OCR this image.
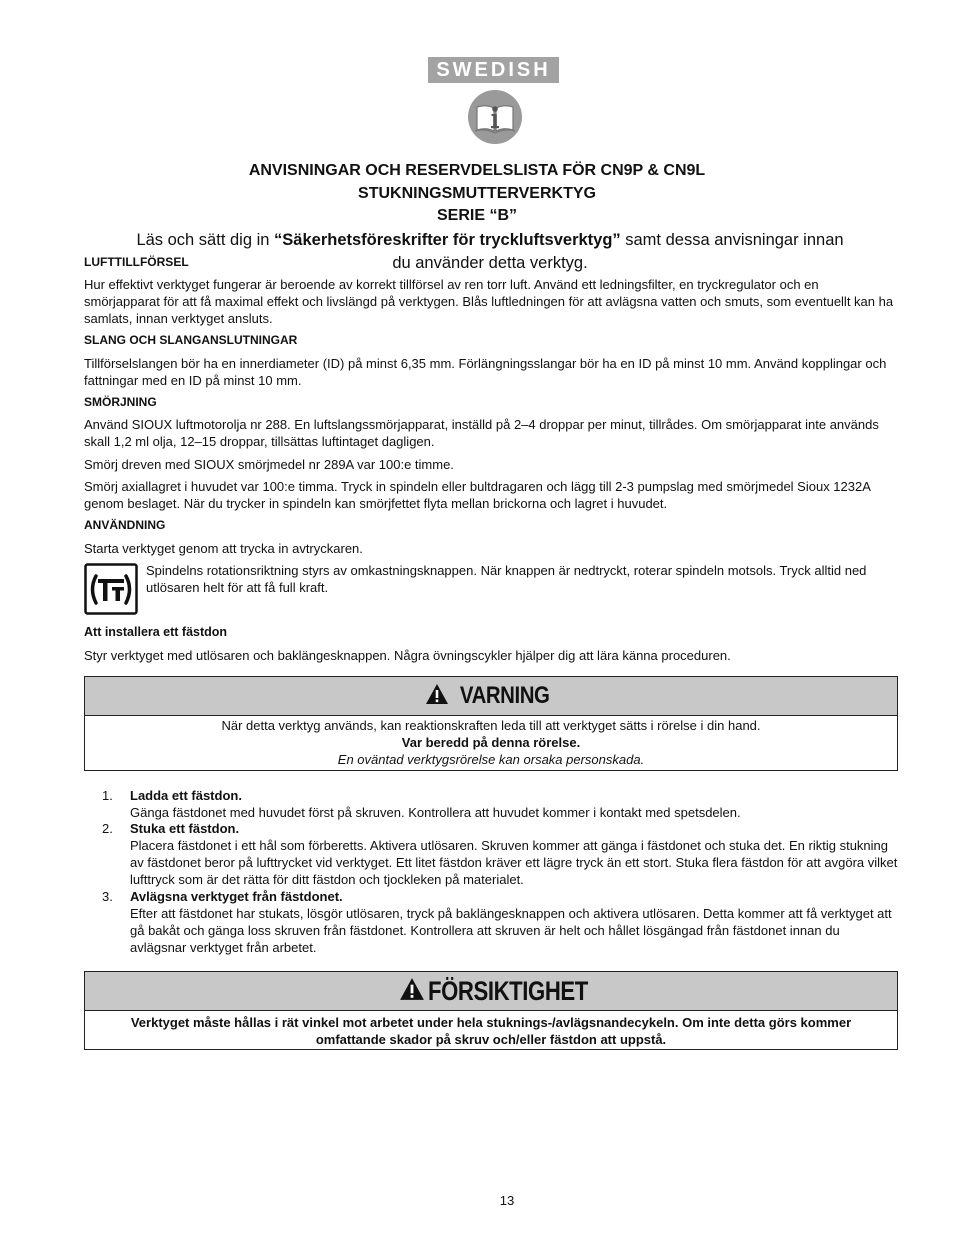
SWEDISH
ANVISNINGAR OCH RESERVDELSLISTA FÖR CN9P & CN9L
STUKNINGSMUTTERVERKTYG
SERIE “B”
Läs och sätt dig in “Säkerhetsföreskrifter för tryckluftsverktyg” samt dessa anvisningar innan
du använder detta verktyg.
LUFTTILLFÖRSEL
Hur effektivt verktyget fungerar är beroende av korrekt tillförsel av ren torr luft. Använd ett ledningsfilter, en tryckregulator och en smörjapparat för att få maximal effekt och livslängd på verktygen. Blås luftledningen för att avlägsna vatten och smuts, som eventuellt kan ha samlats, innan verktyget ansluts.
SLANG OCH SLANGANSLUTNINGAR
Tillförselslangen bör ha en innerdiameter (ID) på minst 6,35 mm. Förlängningsslangar bör ha en ID på minst 10 mm. Använd kopplingar och fattningar med en ID på minst 10 mm.
SMÖRJNING
Använd SIOUX luftmotorolja nr 288. En luftslangssmörjapparat, inställd på 2–4 droppar per minut, tillrådes. Om smörjapparat inte används skall 1,2 ml olja, 12–15 droppar, tillsättas luftintaget dagligen.
Smörj dreven med SIOUX smörjmedel nr 289A var 100:e timme.
Smörj axiallagret i huvudet var 100:e timma. Tryck in spindeln eller bultdragaren och lägg till 2-3 pumpslag med smörjmedel Sioux 1232A genom beslaget. När du trycker in spindeln kan smörjfettet flyta mellan brickorna och lagret i huvudet.
ANVÄNDNING
Starta verktyget genom att trycka in avtryckaren.
Spindelns rotationsriktning styrs av omkastningsknappen. När knappen är nedtryckt, roterar spindeln motsols. Tryck alltid ned utlösaren helt för att få full kraft.
Att installera ett fästdon
Styr verktyget med utlösaren och baklängesknappen. Några övningscykler hjälper dig att lära känna proceduren.
VARNING
När detta verktyg används, kan reaktionskraften leda till att verktyget sätts i rörelse i din hand.
Var beredd på denna rörelse.
En oväntad verktygsrörelse kan orsaka personskada.
1. Ladda ett fästdon.
Gänga fästdonet med huvudet först på skruven. Kontrollera att huvudet kommer i kontakt med spetsdelen.
2. Stuka ett fästdon.
Placera fästdonet i ett hål som förberetts. Aktivera utlösaren. Skruven kommer att gänga i fästdonet och stuka det. En riktig stukning av fästdonet beror på lufttrycket vid verktyget. Ett litet fästdon kräver ett lägre tryck än ett stort. Stuka flera fästdon för att avgöra vilket lufttryck som är det rätta för ditt fästdon och tjockleken på materialet.
3. Avlägsna verktyget från fästdonet.
Efter att fästdonet har stukats, lösgör utlösaren, tryck på baklängesknappen och aktivera utlösaren. Detta kommer att få verktyget att gå bakåt och gänga loss skruven från fästdonet. Kontrollera att skruven är helt och hållet lösgängad från fästdonet innan du avlägsnar verktyget från arbetet.
FÖRSIKTIGHET
Verktyget måste hållas i rät vinkel mot arbetet under hela stuknings-/avlägsnandecykeln. Om inte detta görs kommer omfattande skador på skruv och/eller fästdon att uppstå.
13
